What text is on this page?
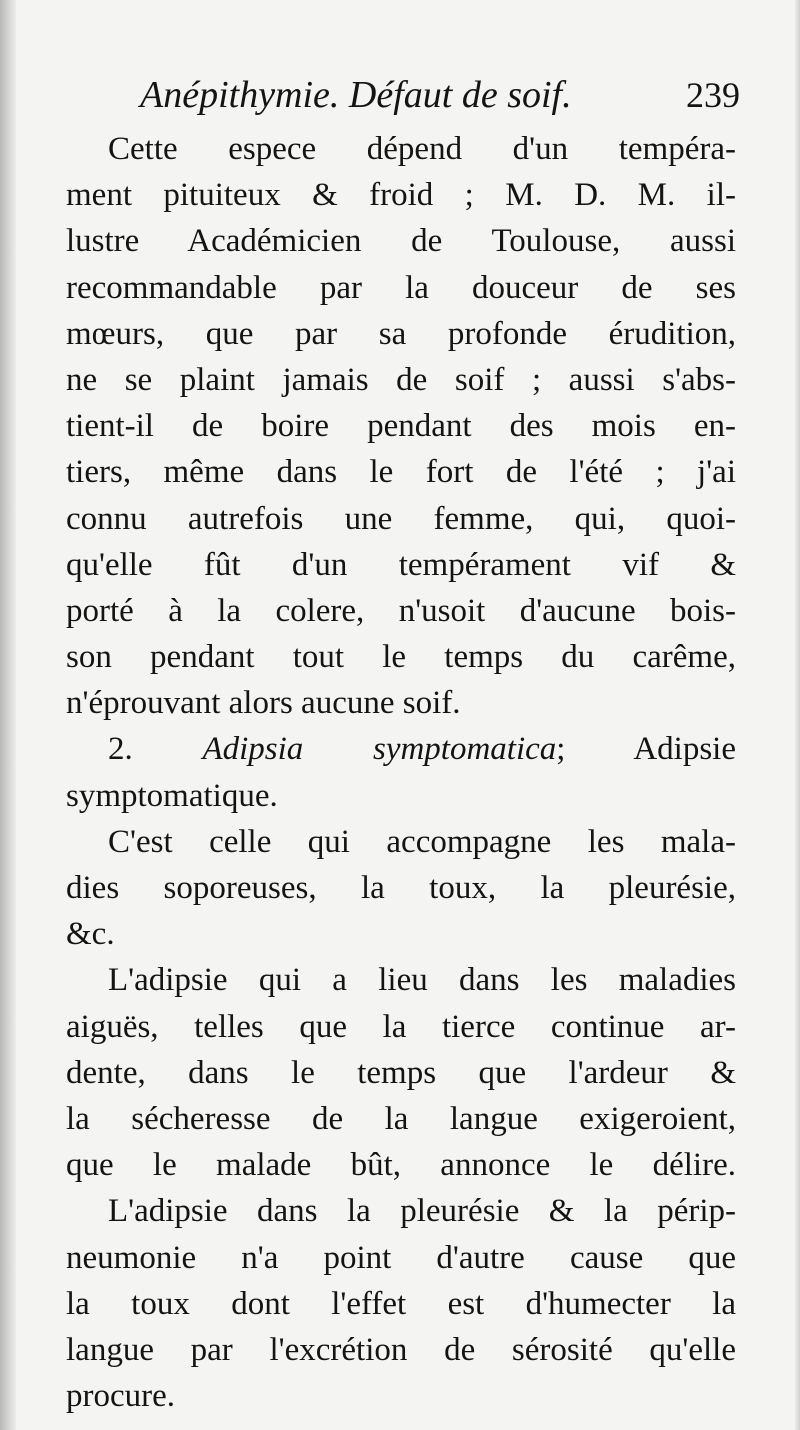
Anépithymie. Défaut de soif.	239
Cette espece dépend d'un tempéra-
ment pituiteux & froid ; M. D. M. il-
lustre Académicien de Toulouse, aussi
recommandable par la douceur de ses
mœurs, que par sa profonde érudition,
ne se plaint jamais de soif ; aussi s'abs-
tient-il de boire pendant des mois en-
tiers, même dans le fort de l'été ; j'ai
connu autrefois une femme, qui, quoi-
qu'elle fût d'un tempérament vif &
porté à la colere, n'usoit d'aucune bois-
son pendant tout le temps du carême,
n'éprouvant alors aucune soif.
2. Adipsia symptomatica; Adipsie
symptomatique.
C'est celle qui accompagne les mala-
dies soporeuses, la toux, la pleurésie,
&c.
L'adipsie qui a lieu dans les maladies
aiguës, telles que la tierce continue ar-
dente, dans le temps que l'ardeur &
la sécheresse de la langue exigeroient,
que le malade bût, annonce le délire.
L'adipsie dans la pleurésie & la périp-
neumonie n'a point d'autre cause que
la toux dont l'effet est d'humecter la
langue par l'excrétion de sérosité qu'elle
procure.
